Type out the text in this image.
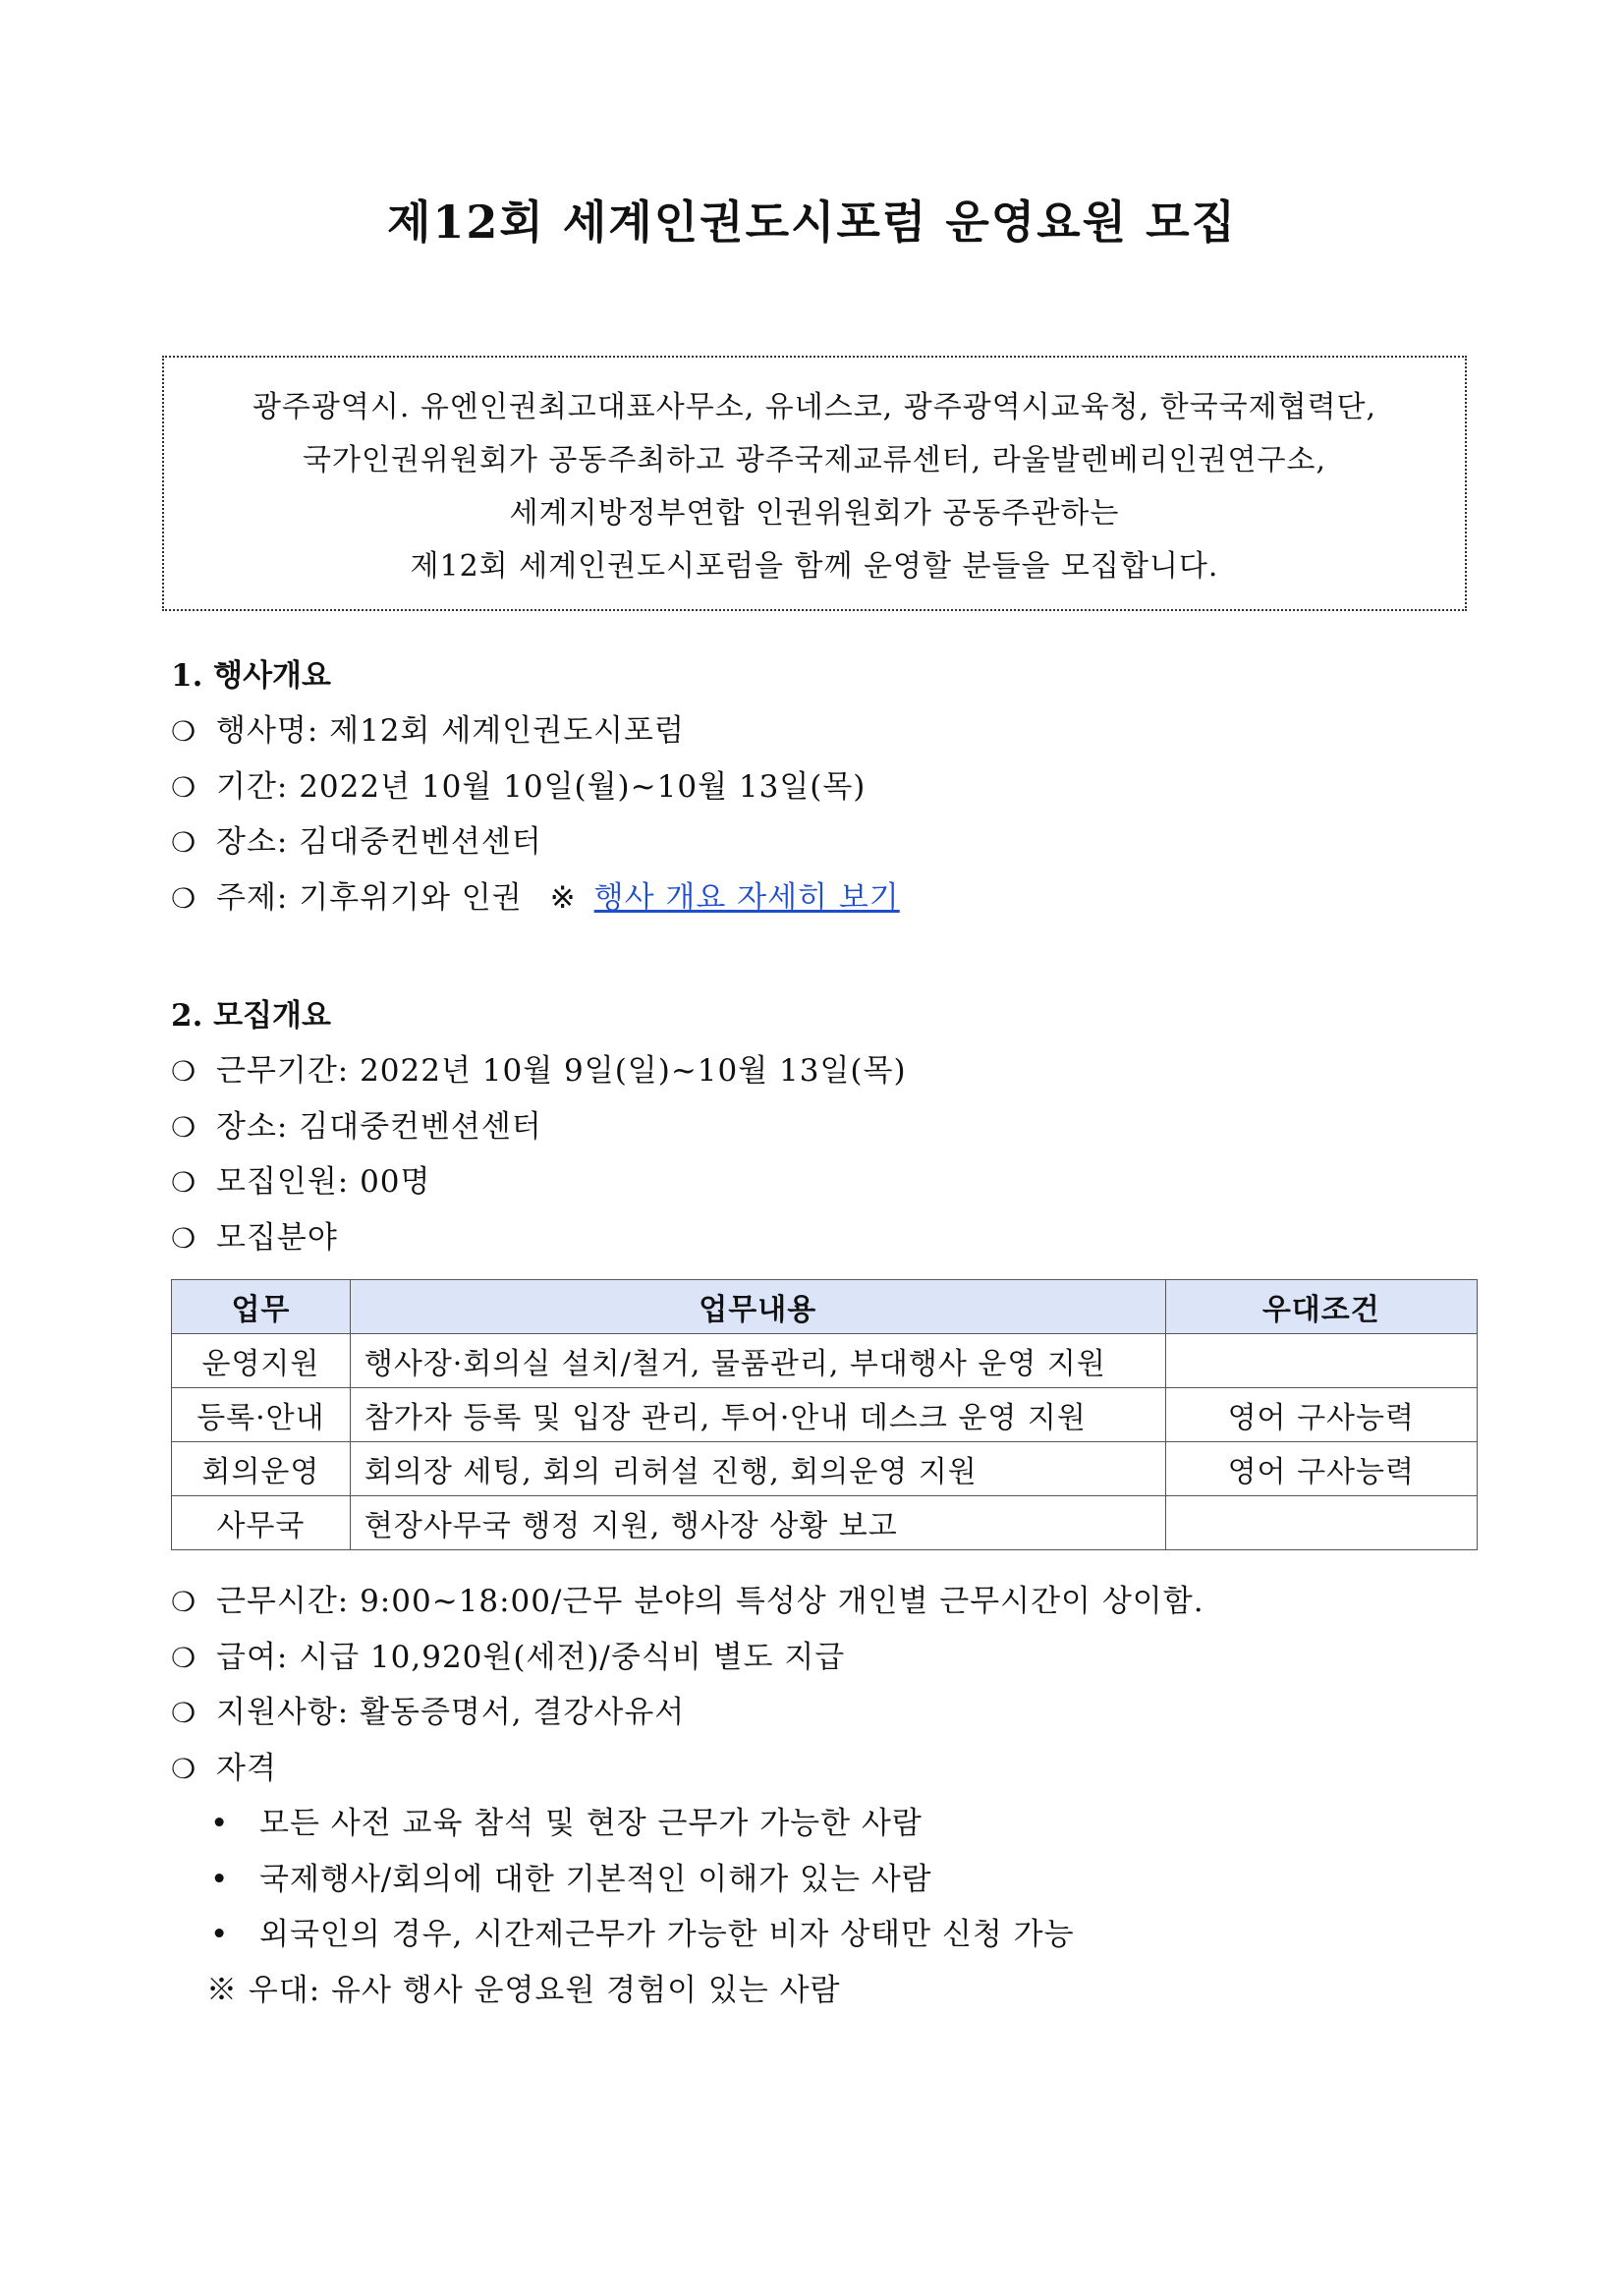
제12회 세계인권도시포럼 운영요원 모집
광주광역시. 유엔인권최고대표사무소, 유네스코, 광주광역시교육청, 한국국제협력단,
국가인권위원회가 공동주최하고 광주국제교류센터, 라울발렌베리인권연구소,
세계지방정부연합 인권위원회가 공동주관하는
제12회 세계인권도시포럼을 함께 운영할 분들을 모집합니다.
1. 행사개요
❍ 행사명: 제12회 세계인권도시포럼
❍ 기간: 2022년 10월 10일(월)~10월 13일(목)
❍ 장소: 김대중컨벤션센터
❍ 주제: 기후위기와 인권 ※ 행사 개요 자세히 보기
2. 모집개요
❍ 근무기간: 2022년 10월 9일(일)~10월 13일(목)
❍ 장소: 김대중컨벤션센터
❍ 모집인원: 00명
❍ 모집분야
업무	업무내용	우대조건
운영지원	행사장·회의실 설치/철거, 물품관리, 부대행사 운영 지원	
등록·안내	참가자 등록 및 입장 관리, 투어·안내 데스크 운영 지원	영어 구사능력
회의운영	회의장 세팅, 회의 리허설 진행, 회의운영 지원	영어 구사능력
사무국	현장사무국 행정 지원, 행사장 상황 보고	
❍ 근무시간: 9:00~18:00/근무 분야의 특성상 개인별 근무시간이 상이함.
❍ 급여: 시급 10,920원(세전)/중식비 별도 지급
❍ 지원사항: 활동증명서, 결강사유서
❍ 자격
• 모든 사전 교육 참석 및 현장 근무가 가능한 사람
• 국제행사/회의에 대한 기본적인 이해가 있는 사람
• 외국인의 경우, 시간제근무가 가능한 비자 상태만 신청 가능
※ 우대: 유사 행사 운영요원 경험이 있는 사람
